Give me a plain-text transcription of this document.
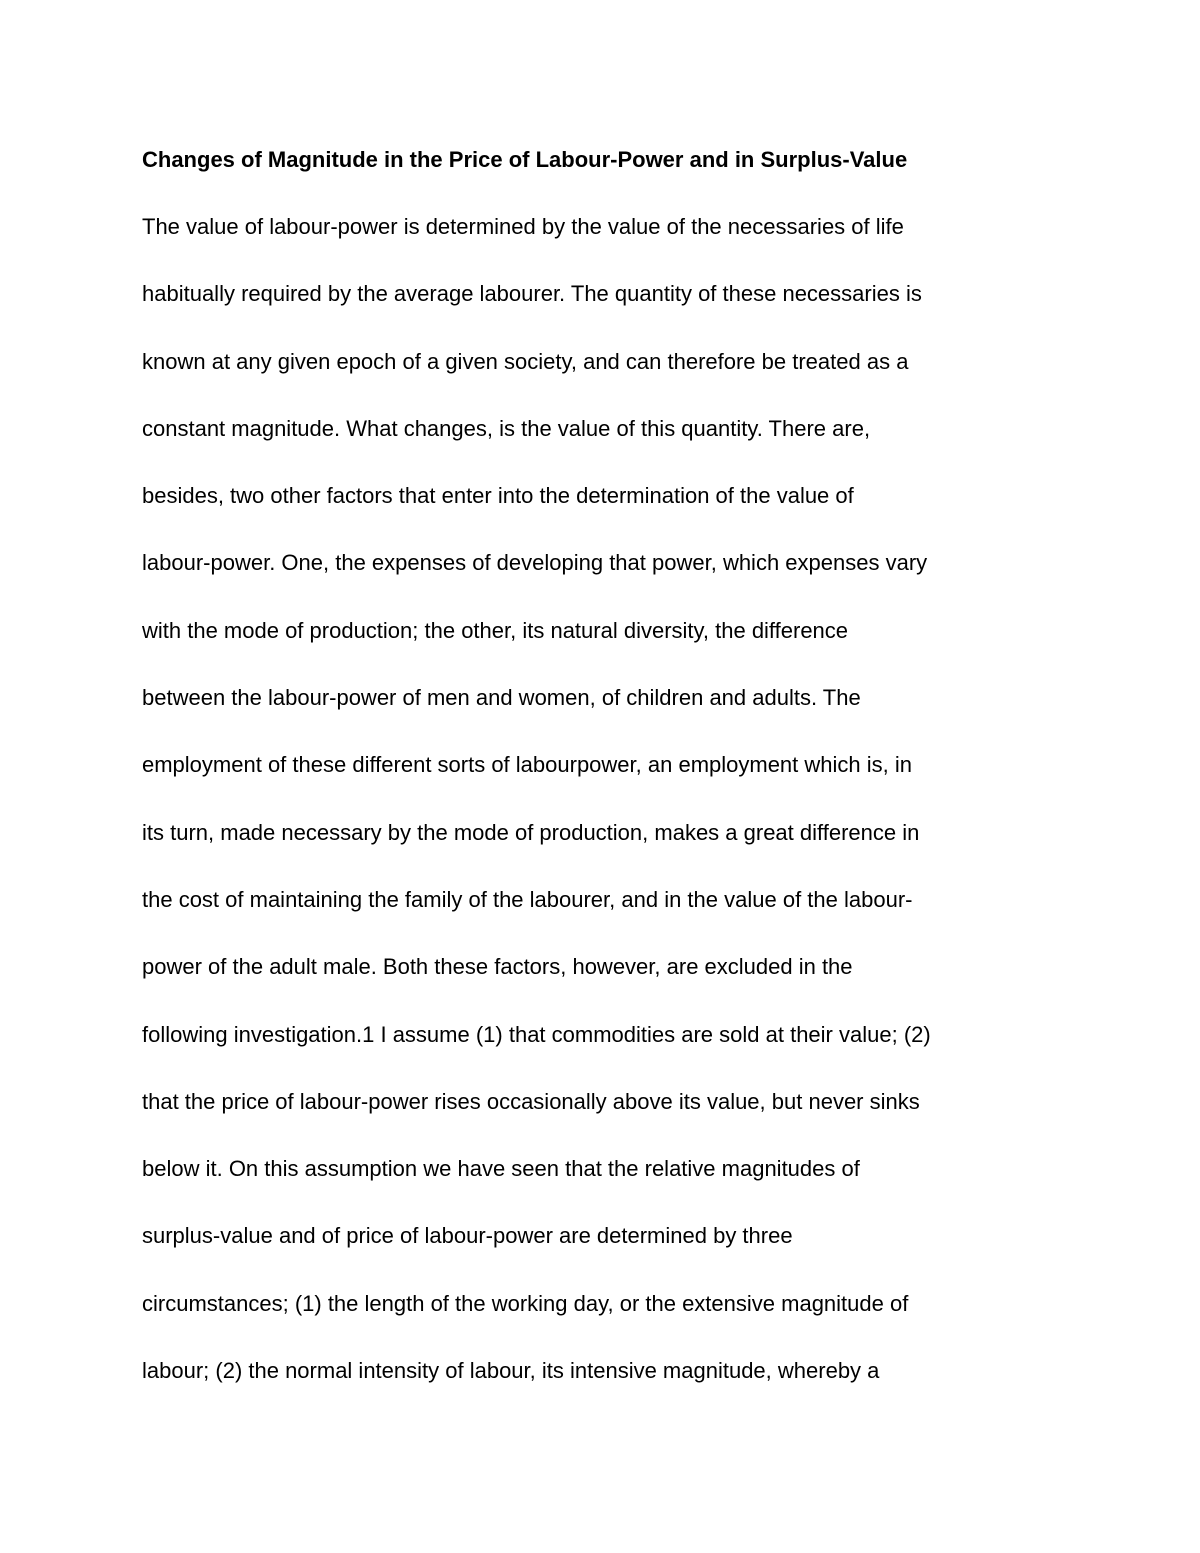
Changes of Magnitude in the Price of Labour-Power and in Surplus-Value
The value of labour-power is determined by the value of the necessaries of life
habitually required by the average labourer. The quantity of these necessaries is
known at any given epoch of a given society, and can therefore be treated as a
constant magnitude. What changes, is the value of this quantity. There are,
besides, two other factors that enter into the determination of the value of
labour-power. One, the expenses of developing that power, which expenses vary
with the mode of production; the other, its natural diversity, the difference
between the labour-power of men and women, of children and adults. The
employment of these different sorts of labourpower, an employment which is, in
its turn, made necessary by the mode of production, makes a great difference in
the cost of maintaining the family of the labourer, and in the value of the labour-
power of the adult male. Both these factors, however, are excluded in the
following investigation.1 I assume (1) that commodities are sold at their value; (2)
that the price of labour-power rises occasionally above its value, but never sinks
below it. On this assumption we have seen that the relative magnitudes of
surplus-value and of price of labour-power are determined by three
circumstances; (1) the length of the working day, or the extensive magnitude of
labour; (2) the normal intensity of labour, its intensive magnitude, whereby a
